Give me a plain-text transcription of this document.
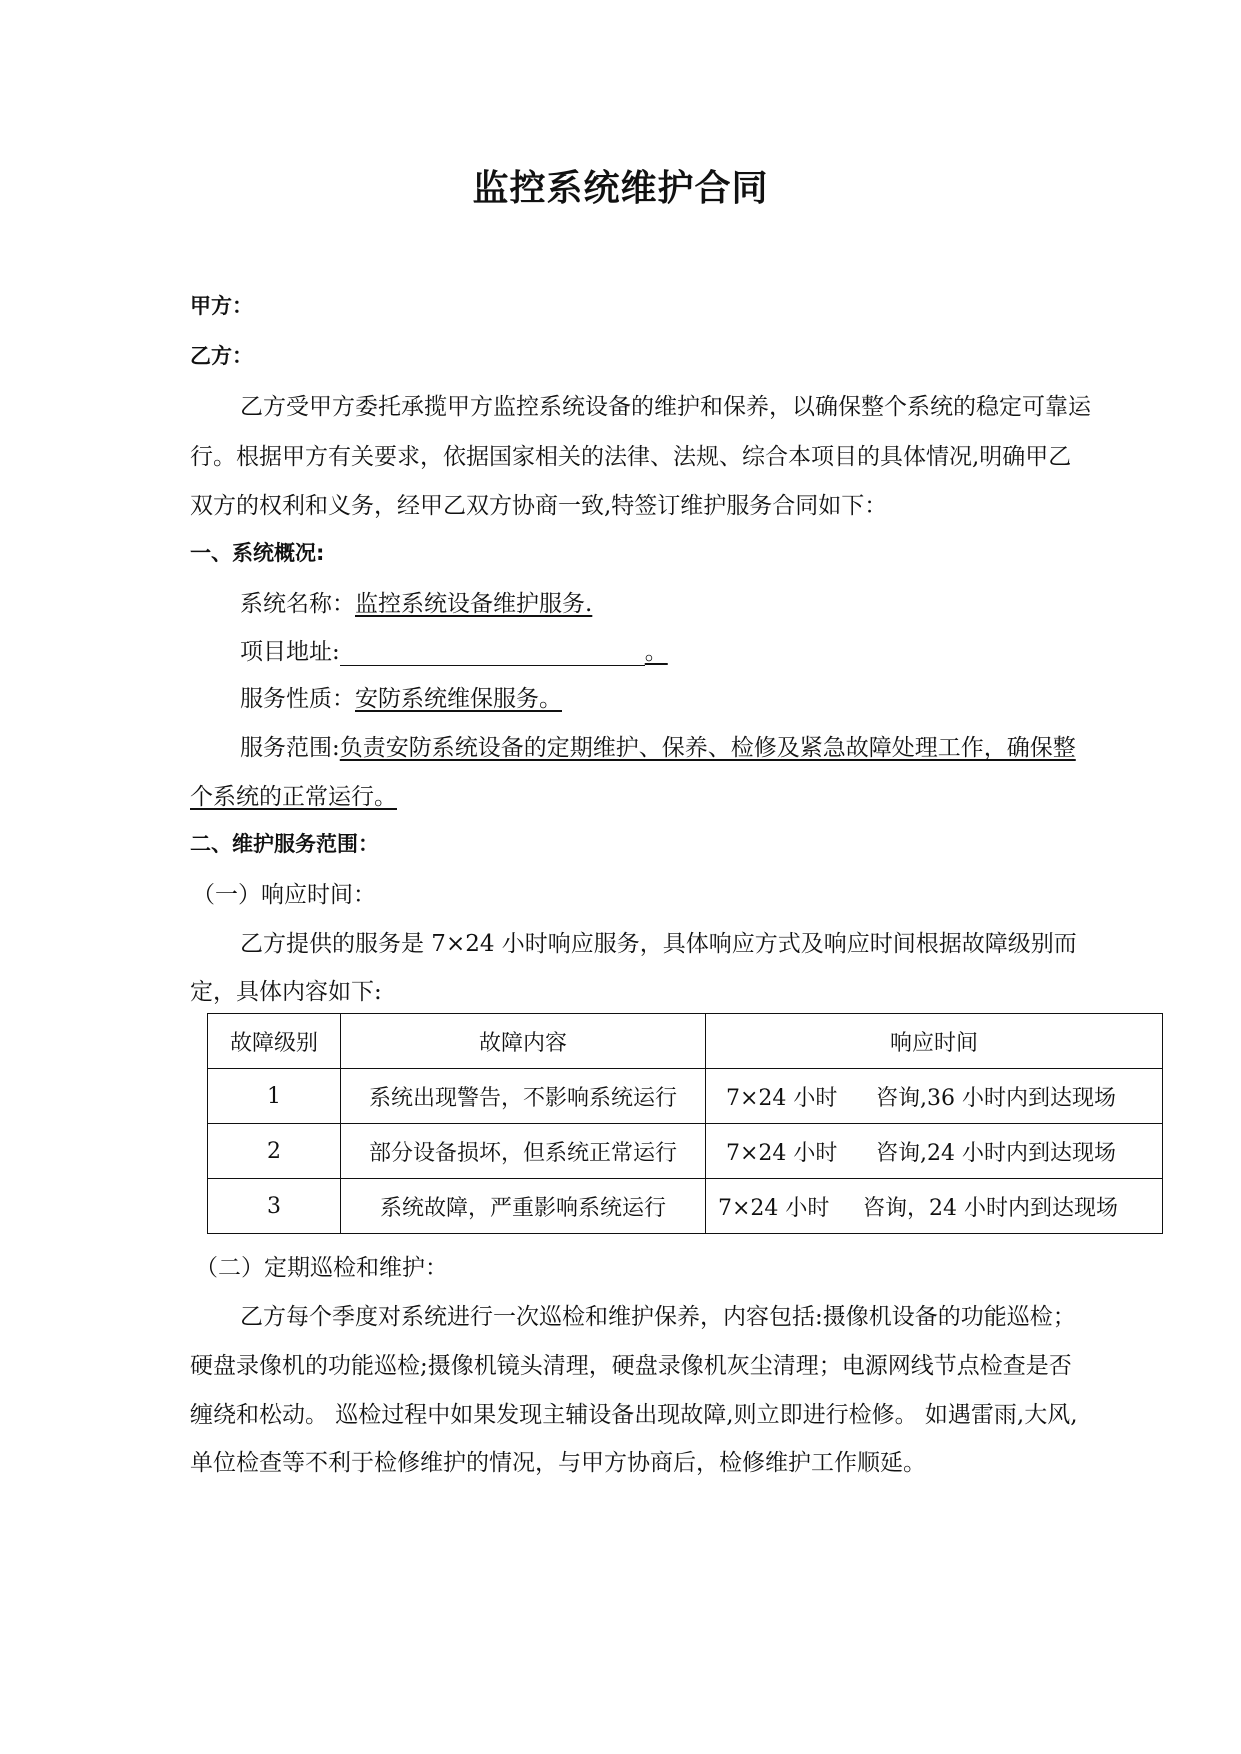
监控系统维护合同
甲方：
乙方：
乙方受甲方委托承揽甲方监控系统设备的维护和保养，以确保整个系统的稳定可靠运
行。根据甲方有关要求，依据国家相关的法律、法规、综合本项目的具体情况,明确甲乙
双方的权利和义务，经甲乙双方协商一致,特签订维护服务合同如下：
一、系统概况:
系统名称：监控系统设备维护服务.
项目地址:	。
服务性质：安防系统维保服务。
服务范围:负责安防系统设备的定期维护、保养、检修及紧急故障处理工作，确保整
个系统的正常运行。
二、维护服务范围：
（一）响应时间：
乙方提供的服务是 7×24 小时响应服务，具体响应方式及响应时间根据故障级别而
定，具体内容如下:
故障级别	故障内容	响应时间
1	系统出现警告，不影响系统运行	7×24 小时 咨询,36 小时内到达现场
2	部分设备损坏，但系统正常运行	7×24 小时 咨询,24 小时内到达现场
3	系统故障，严重影响系统运行	7×24 小时 咨询，24 小时内到达现场
（二）定期巡检和维护：
乙方每个季度对系统进行一次巡检和维护保养，内容包括:摄像机设备的功能巡检；
硬盘录像机的功能巡检;摄像机镜头清理，硬盘录像机灰尘清理；电源网线节点检查是否
缠绕和松动。 巡检过程中如果发现主辅设备出现故障,则立即进行检修。 如遇雷雨,大风,
单位检查等不利于检修维护的情况，与甲方协商后，检修维护工作顺延。
